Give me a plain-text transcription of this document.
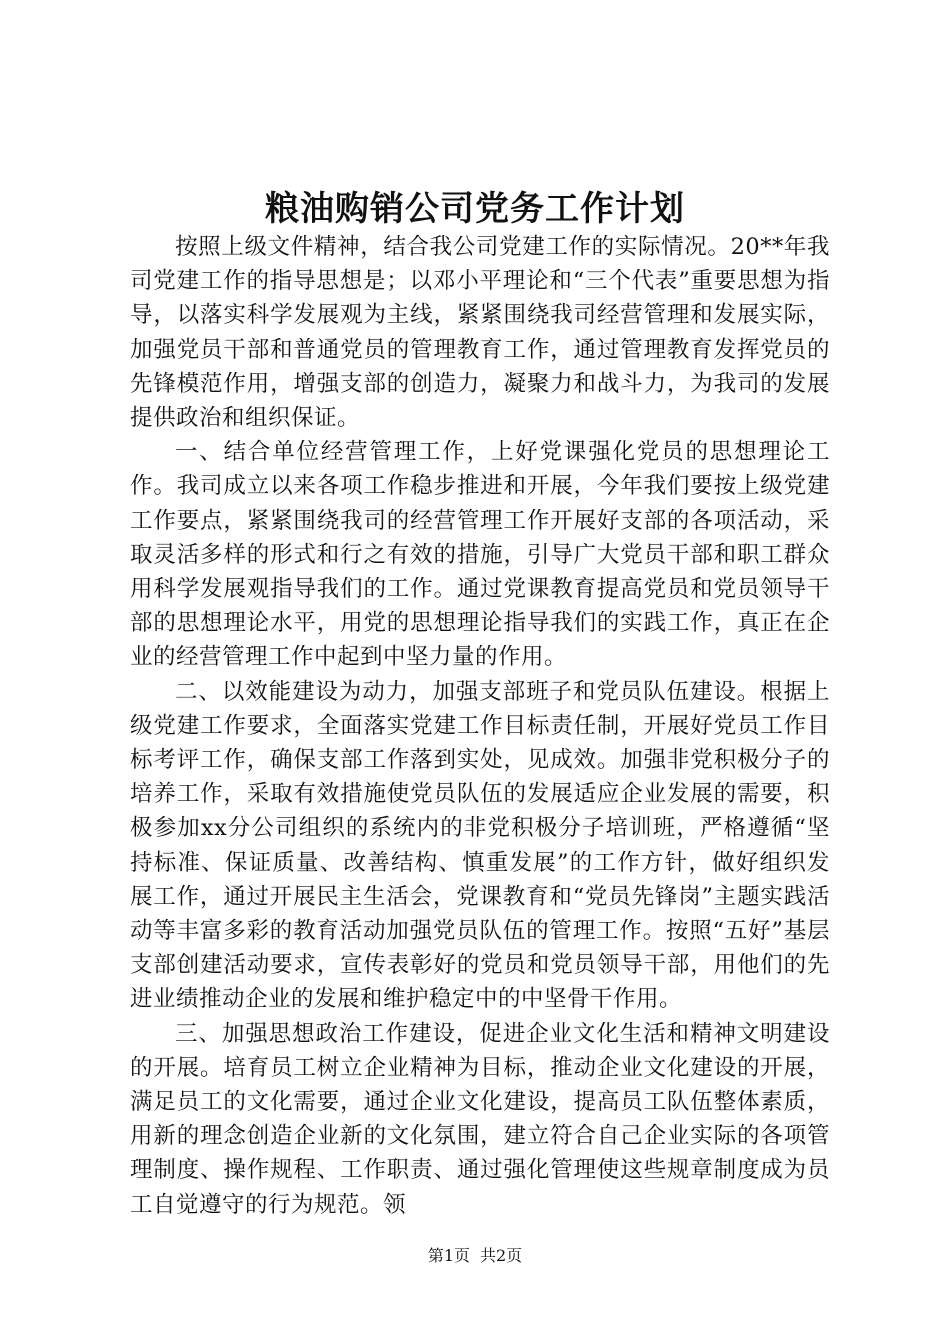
粮油购销公司党务工作计划

按照上级文件精神，结合我公司党建工作的实际情况。20**年我司党建工作的指导思想是；以邓小平理论和“三个代表”重要思想为指导，以落实科学发展观为主线，紧紧围绕我司经营管理和发展实际，加强党员干部和普通党员的管理教育工作，通过管理教育发挥党员的先锋模范作用，增强支部的创造力，凝聚力和战斗力，为我司的发展提供政治和组织保证。

一、结合单位经营管理工作，上好党课强化党员的思想理论工作。我司成立以来各项工作稳步推进和开展，今年我们要按上级党建工作要点，紧紧围绕我司的经营管理工作开展好支部的各项活动，采取灵活多样的形式和行之有效的措施，引导广大党员干部和职工群众用科学发展观指导我们的工作。通过党课教育提高党员和党员领导干部的思想理论水平，用党的思想理论指导我们的实践工作，真正在企业的经营管理工作中起到中坚力量的作用。

二、以效能建设为动力，加强支部班子和党员队伍建设。根据上级党建工作要求，全面落实党建工作目标责任制，开展好党员工作目标考评工作，确保支部工作落到实处，见成效。加强非党积极分子的培养工作，采取有效措施使党员队伍的发展适应企业发展的需要，积极参加xx分公司组织的系统内的非党积极分子培训班，严格遵循“坚持标准、保证质量、改善结构、慎重发展”的工作方针，做好组织发展工作，通过开展民主生活会，党课教育和“党员先锋岗”主题实践活动等丰富多彩的教育活动加强党员队伍的管理工作。按照“五好”基层支部创建活动要求，宣传表彰好的党员和党员领导干部，用他们的先进业绩推动企业的发展和维护稳定中的中坚骨干作用。

三、加强思想政治工作建设，促进企业文化生活和精神文明建设的开展。培育员工树立企业精神为目标，推动企业文化建设的开展，满足员工的文化需要，通过企业文化建设，提高员工队伍整体素质，用新的理念创造企业新的文化氛围，建立符合自己企业实际的各项管理制度、操作规程、工作职责、通过强化管理使这些规章制度成为员工自觉遵守的行为规范。领

第1页 共2页
